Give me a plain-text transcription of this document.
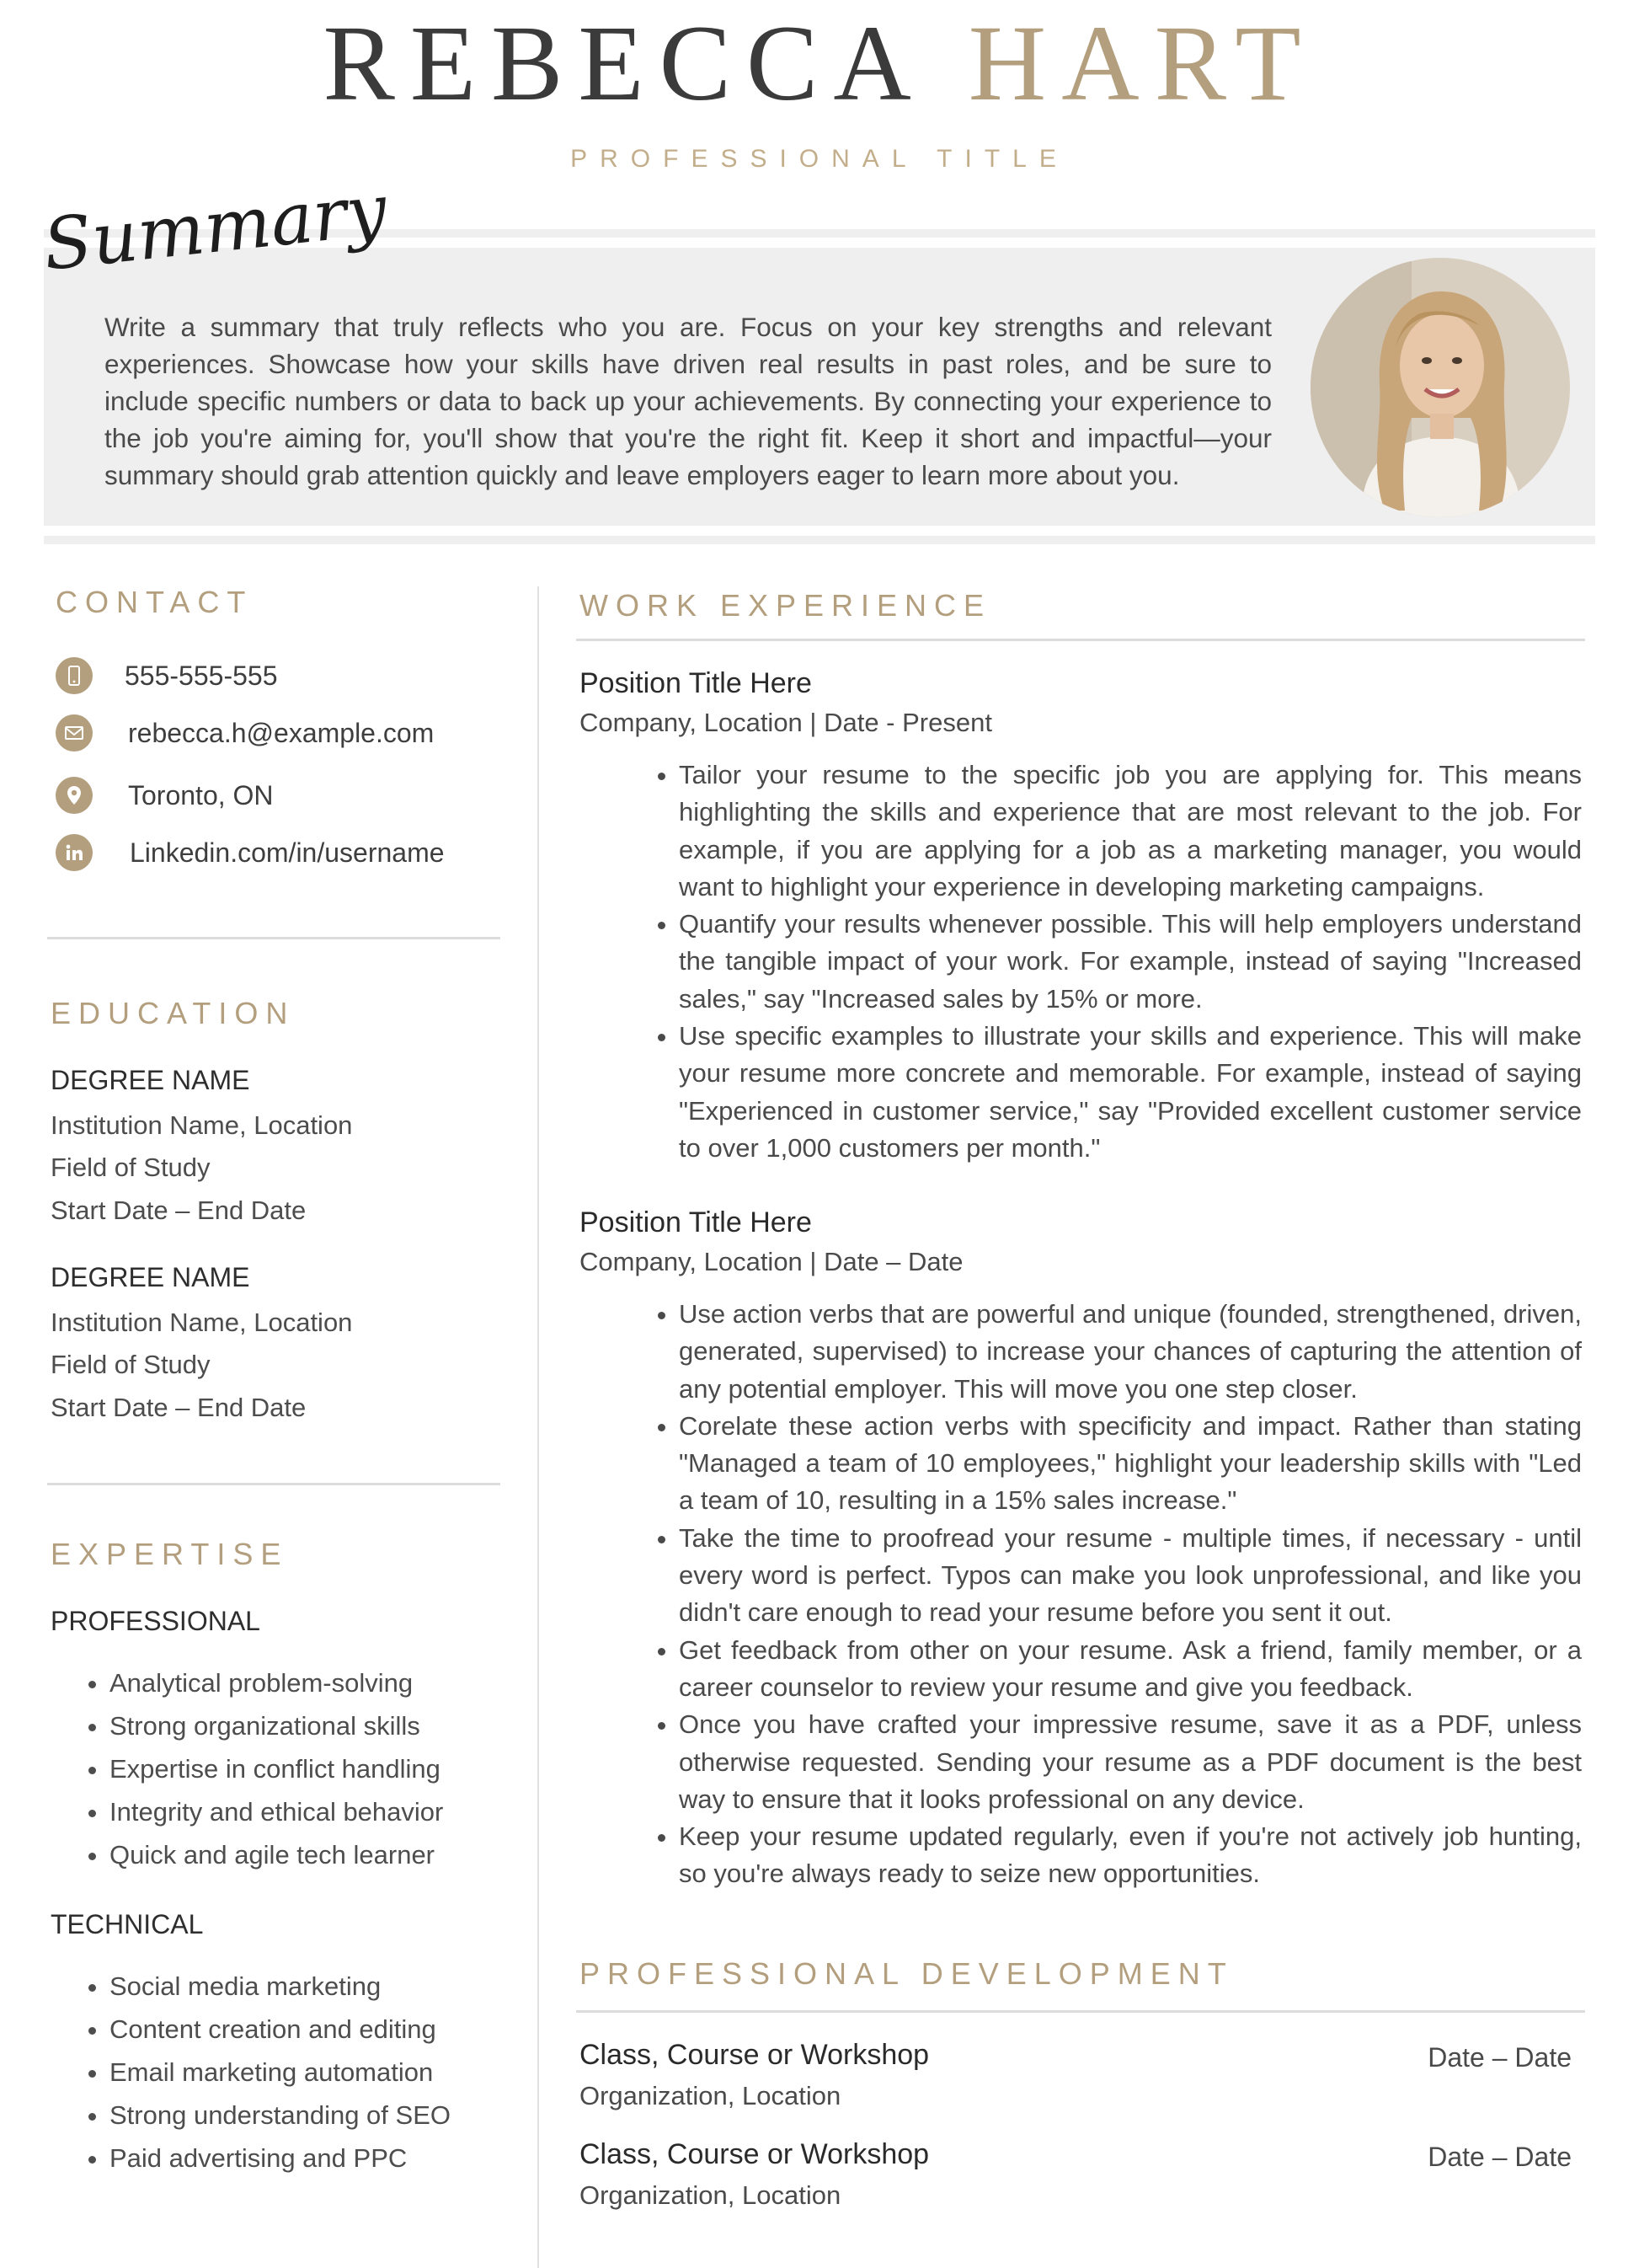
REBECCA HART
PROFESSIONAL TITLE
Summary
Write a summary that truly reflects who you are. Focus on your key strengths and relevant experiences. Showcase how your skills have driven real results in past roles, and be sure to include specific numbers or data to back up your achievements. By connecting your experience to the job you're aiming for, you'll show that you're the right fit. Keep it short and impactful—your summary should grab attention quickly and leave employers eager to learn more about you.
CONTACT
555-555-555
rebecca.h@example.com
Toronto, ON
Linkedin.com/in/username
EDUCATION
DEGREE NAME
Institution Name, Location
Field of Study
Start Date – End Date
DEGREE NAME
Institution Name, Location
Field of Study
Start Date – End Date
EXPERTISE
PROFESSIONAL
• Analytical problem-solving
• Strong organizational skills
• Expertise in conflict handling
• Integrity and ethical behavior
• Quick and agile tech learner
TECHNICAL
• Social media marketing
• Content creation and editing
• Email marketing automation
• Strong understanding of SEO
• Paid advertising and PPC
WORK EXPERIENCE
Position Title Here
Company, Location | Date - Present
• Tailor your resume to the specific job you are applying for. This means highlighting the skills and experience that are most relevant to the job. For example, if you are applying for a job as a marketing manager, you would want to highlight your experience in developing marketing campaigns.
• Quantify your results whenever possible. This will help employers understand the tangible impact of your work. For example, instead of saying "Increased sales," say "Increased sales by 15% or more.
• Use specific examples to illustrate your skills and experience. This will make your resume more concrete and memorable. For example, instead of saying "Experienced in customer service," say "Provided excellent customer service to over 1,000 customers per month."
Position Title Here
Company, Location | Date – Date
• Use action verbs that are powerful and unique (founded, strengthened, driven, generated, supervised) to increase your chances of capturing the attention of any potential employer. This will move you one step closer.
• Corelate these action verbs with specificity and impact. Rather than stating "Managed a team of 10 employees," highlight your leadership skills with "Led a team of 10, resulting in a 15% sales increase."
• Take the time to proofread your resume - multiple times, if necessary - until every word is perfect. Typos can make you look unprofessional, and like you didn't care enough to read your resume before you sent it out.
• Get feedback from other on your resume. Ask a friend, family member, or a career counselor to review your resume and give you feedback.
• Once you have crafted your impressive resume, save it as a PDF, unless otherwise requested. Sending your resume as a PDF document is the best way to ensure that it looks professional on any device.
• Keep your resume updated regularly, even if you're not actively job hunting, so you're always ready to seize new opportunities.
PROFESSIONAL DEVELOPMENT
Class, Course or Workshop	Date – Date
Organization, Location
Class, Course or Workshop	Date – Date
Organization, Location
